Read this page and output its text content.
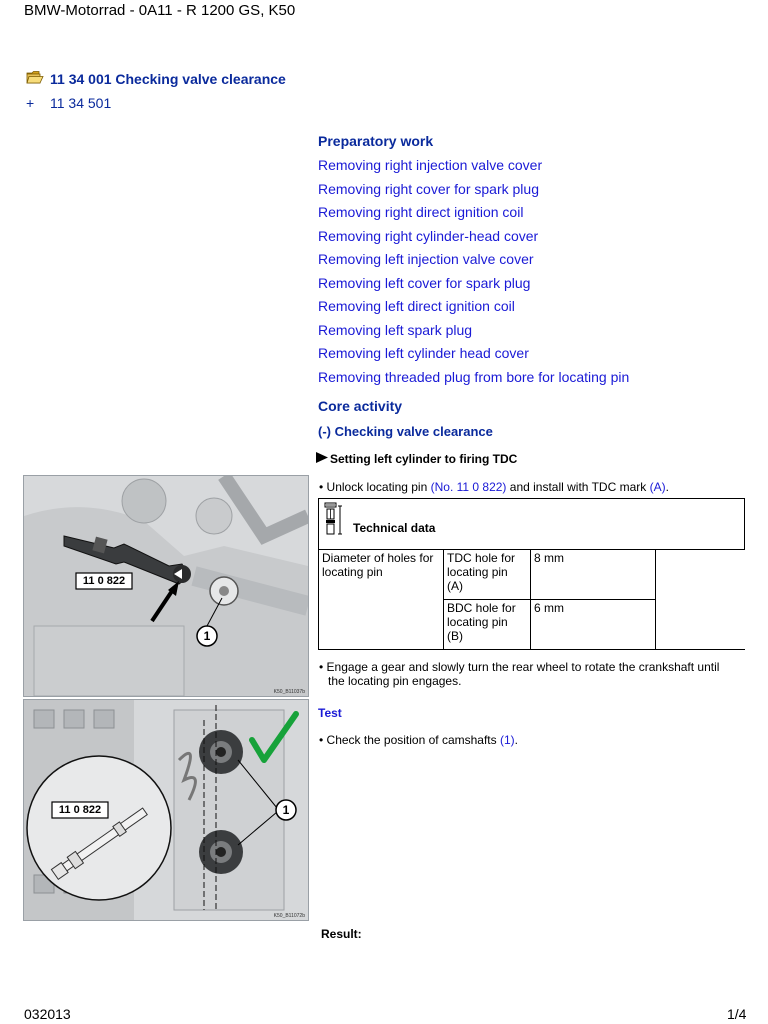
BMW-Motorrad - 0A11 - R 1200 GS, K50
11 34 001 Checking valve clearance
+ 11 34 501
Preparatory work
Removing right injection valve cover
Removing right cover for spark plug
Removing right direct ignition coil
Removing right cylinder-head cover
Removing left injection valve cover
Removing left cover for spark plug
Removing left direct ignition coil
Removing left spark plug
Removing left cylinder head cover
Removing threaded plug from bore for locating pin
Core activity
(-) Checking valve clearance
Setting left cylinder to firing TDC
• Unlock locating pin (No. 11 0 822) and install with TDC mark (A).
Technical data			

Diameter of holes for locating pin	TDC hole for locating pin (A)	8 mm	
	BDC hole for locating pin (B)	6 mm	
• Engage a gear and slowly turn the rear wheel to rotate the crankshaft until
the locating pin engages.
Test
• Check the position of camshafts (1).
11 0 822
1
K50_B11037b
11 0 822	1
K50_B11072b
Result:
032013	1/4
